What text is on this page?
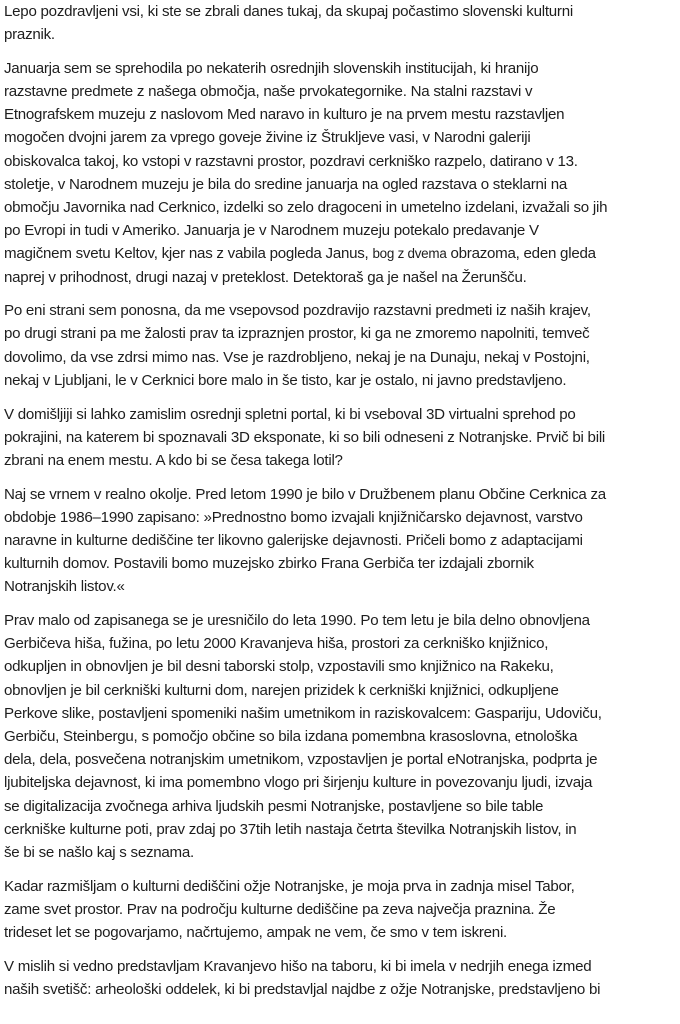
Lepo pozdravljeni vsi, ki ste se zbrali danes tukaj, da skupaj počastimo slovenski kulturni
praznik.
Januarja sem se sprehodila po nekaterih osrednjih slovenskih institucijah, ki hranijo
razstavne predmete z našega območja, naše prvokategornike. Na stalni razstavi v
Etnografskem muzeju z naslovom Med naravo in kulturo je na prvem mestu razstavljen
mogočen dvojni jarem za vprego goveje živine iz Štrukljeve vasi, v Narodni galeriji
obiskovalca takoj, ko vstopi v razstavni prostor, pozdravi cerkniško razpelo, datirano v 13.
stoletje, v Narodnem muzeju je bila do sredine januarja na ogled razstava o steklarni na
območju Javornika nad Cerknico, izdelki so zelo dragoceni in umetelno izdelani, izvažali so jih
po Evropi in tudi v Ameriko. Januarja je v Narodnem muzeju potekalo predavanje V
magičnem svetu Keltov, kjer nas z vabila pogleda Janus, bog z dvema obrazoma, eden gleda
naprej v prihodnost, drugi nazaj v preteklost. Detektoraš ga je našel na Žerunšču.
Po eni strani sem ponosna, da me vsepovsod pozdravijo razstavni predmeti iz naših krajev,
po drugi strani pa me žalosti prav ta izpraznjen prostor, ki ga ne zmoremo napolniti, temveč
dovolimo, da vse zdrsi mimo nas. Vse je razdrobljeno, nekaj je na Dunaju, nekaj v Postojni,
nekaj v Ljubljani, le v Cerknici bore malo in še tisto, kar je ostalo, ni javno predstavljeno.
V domišljiji si lahko zamislim osrednji spletni portal, ki bi vseboval 3D virtualni sprehod po
pokrajini, na katerem bi spoznavali 3D eksponate, ki so bili odneseni z Notranjske. Prvič bi bili
zbrani na enem mestu. A kdo bi se česa takega lotil?
Naj se vrnem v realno okolje. Pred letom 1990 je bilo v Družbenem planu Občine Cerknica za
obdobje 1986–1990 zapisano: »Prednostno bomo izvajali knjižničarsko dejavnost, varstvo
naravne in kulturne dediščine ter likovno galerijske dejavnosti. Pričeli bomo z adaptacijami
kulturnih domov. Postavili bomo muzejsko zbirko Frana Gerbiča ter izdajali zbornik
Notranjskih listov.«
Prav malo od zapisanega se je uresničilo do leta 1990. Po tem letu je bila delno obnovljena
Gerbičeva hiša, fužina, po letu 2000 Kravanjeva hiša, prostori za cerkniško knjižnico,
odkupljen in obnovljen je bil desni taborski stolp, vzpostavili smo knjižnico na Rakeku,
obnovljen je bil cerkniški kulturni dom, narejen prizidek k cerkniški knjižnici, odkupljene
Perkove slike, postavljeni spomeniki našim umetnikom in raziskovalcem: Gaspariju, Udoviču,
Gerbiču, Steinbergu, s pomočjo občine so bila izdana pomembna krasoslovna, etnološka
dela, dela, posvečena notranjskim umetnikom, vzpostavljen je portal eNotranjska, podprta je
ljubiteljska dejavnost, ki ima pomembno vlogo pri širjenju kulture in povezovanju ljudi, izvaja
se digitalizacija zvočnega arhiva ljudskih pesmi Notranjske, postavljene so bile table
cerkniške kulturne poti, prav zdaj po 37tih letih nastaja četrta številka Notranjskih listov, in
še bi se našlo kaj s seznama.
Kadar razmišljam o kulturni dediščini ožje Notranjske, je moja prva in zadnja misel Tabor,
zame svet prostor. Prav na področju kulturne dediščine pa zeva največja praznina. Že
trideset let se pogovarjamo, načrtujemo, ampak ne vem, če smo v tem iskreni.
V mislih si vedno predstavljam Kravanjevo hišo na taboru, ki bi imela v nedrjih enega izmed
naših svetišč: arheološki oddelek, ki bi predstavljal najdbe z ožje Notranjske, predstavljeno bi
